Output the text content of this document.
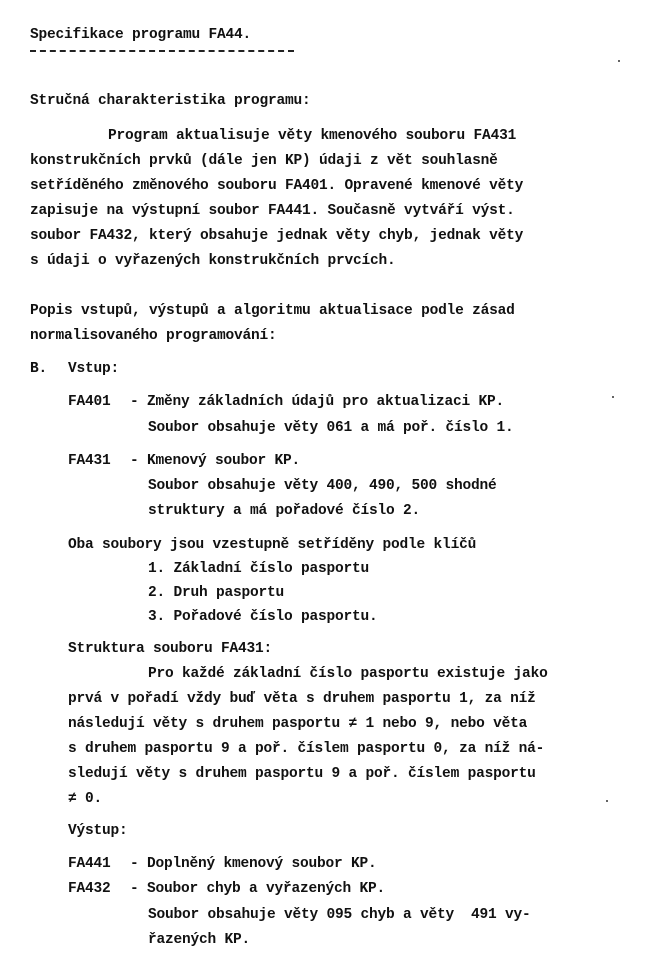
Specifikace programu FA44.
Stručná charakteristika programu:
Program aktualisuje věty kmenového souboru FA431
konstrukčních prvků (dále jen KP) údaji z vět souhlasně
setříděného změnového souboru FA401. Opravené kmenové věty
zapisuje na výstupní soubor FA441. Současně vytváří výst.
soubor FA432, který obsahuje jednak věty chyb, jednak věty
s údaji o vyřazených konstrukčních prvcích.
Popis vstupů, výstupů a algoritmu aktualisace podle zásad
normalisovaného programování:
B. Vstup:
FA401 - Změny základních údajů pro aktualizaci KP.
Soubor obsahuje věty 061 a má poř. číslo 1.
FA431 - Kmenový soubor KP.
Soubor obsahuje věty 400, 490, 500 shodné
struktury a má pořadové číslo 2.
Oba soubory jsou vzestupně setříděny podle klíčů
1. Základní číslo pasportu
2. Druh pasportu
3. Pořadové číslo pasportu.
Struktura souboru FA431:
Pro každé základní číslo pasportu existuje jako
prvá v pořadí vždy buď věta s druhem pasportu 1, za níž
následují věty s druhem pasportu ≠ 1 nebo 9, nebo věta
s druhem pasportu 9 a poř. číslem pasportu 0, za níž ná-
sledují věty s druhem pasportu 9 a poř. číslem pasportu
≠ 0.
Výstup:
FA441 - Doplněný kmenový soubor KP.
FA432 - Soubor chyb a vyřazených KP.
Soubor obsahuje věty 095 chyb a věty  491 vy-
řazených KP.
